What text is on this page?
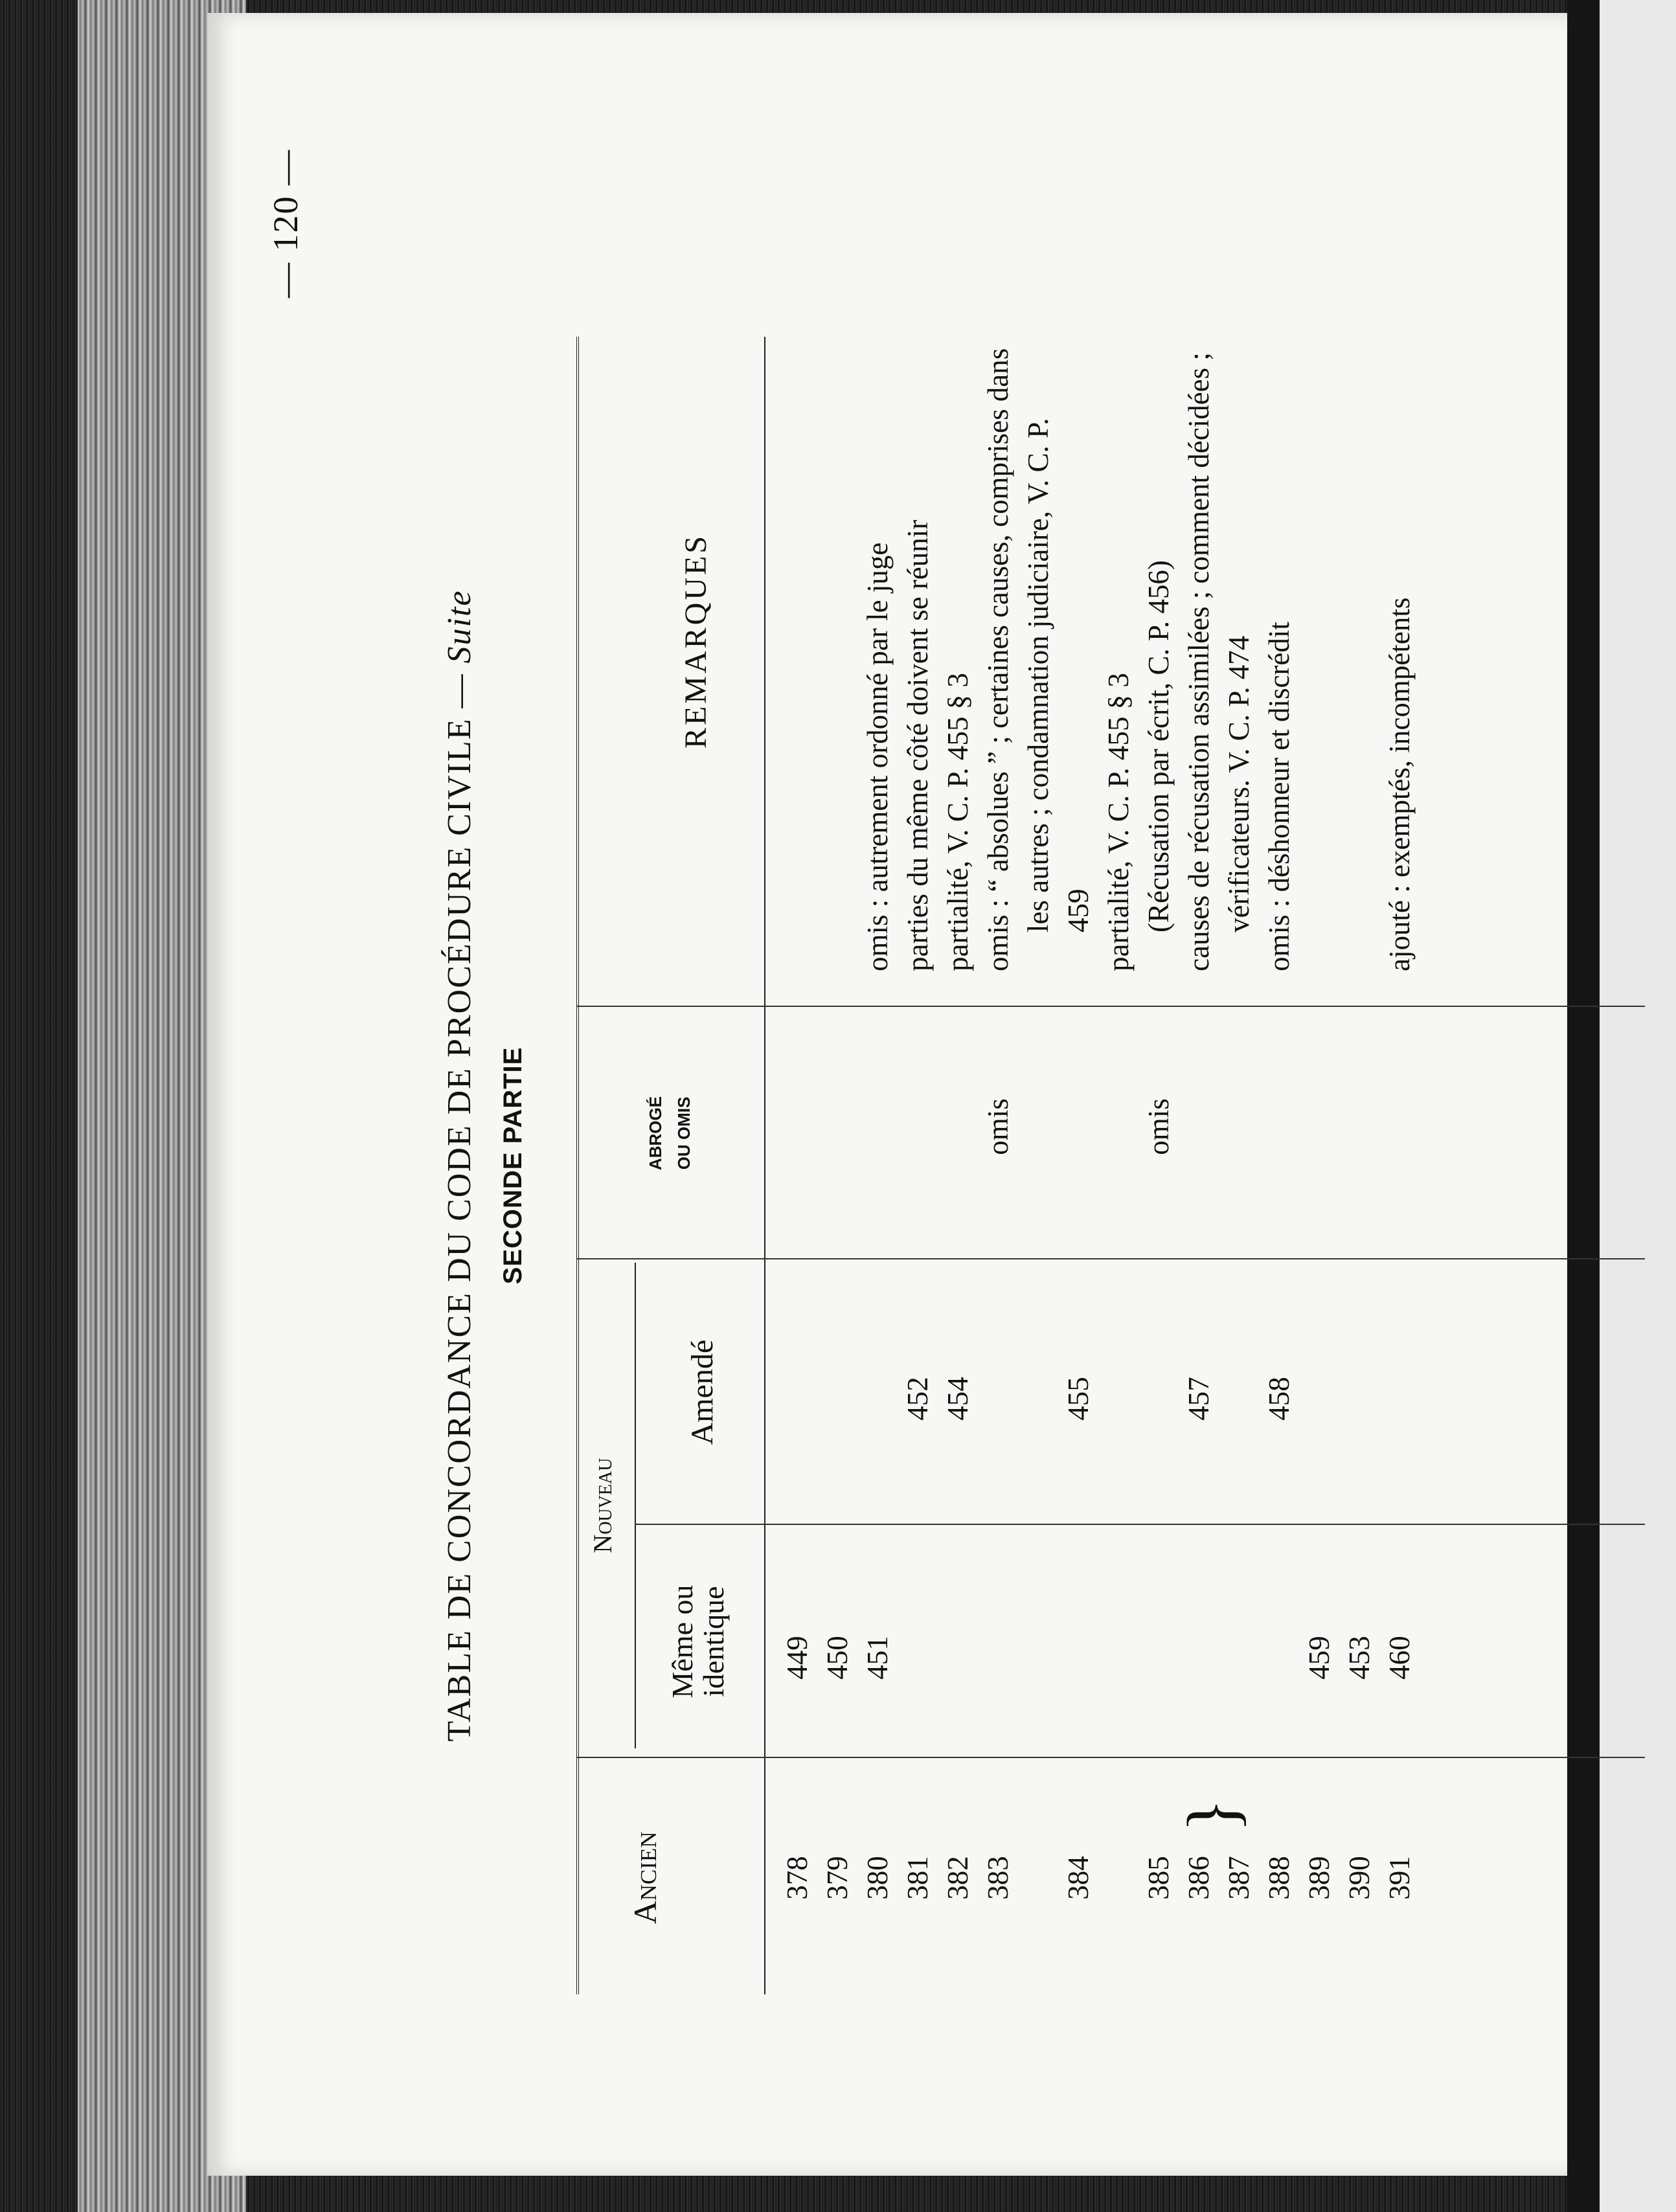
— 120 —
TABLE DE CONCORDANCE DU CODE DE PROCÉDURE CIVILE — Suite
SECONDE PARTIE
Ancien
Nouveau
Même ou
identique
Amendé
ABROGÉ OU OMIS
REMARQUES
}
378
449
379
450
380
451
omis : autrement ordonné par le juge
381
452
parties du même côté doivent se réunir
382
454
partialité, V. C. P. 455 § 3
383
omis
omis : “ absolues ” ; certaines causes, comprises dans les autres ; condamnation judiciaire, V. C. P.
384
455
459 partialité, V. C. P. 455 § 3
385
omis
(Récusation par écrit, C. P. 456)
386
457
causes de récusation assimilées ; comment décidées ;
387
vérificateurs. V. C. P. 474
388
458
omis : déshonneur et discrédit
389
459
390
453
391
460
ajouté : exemptés, incompétents
